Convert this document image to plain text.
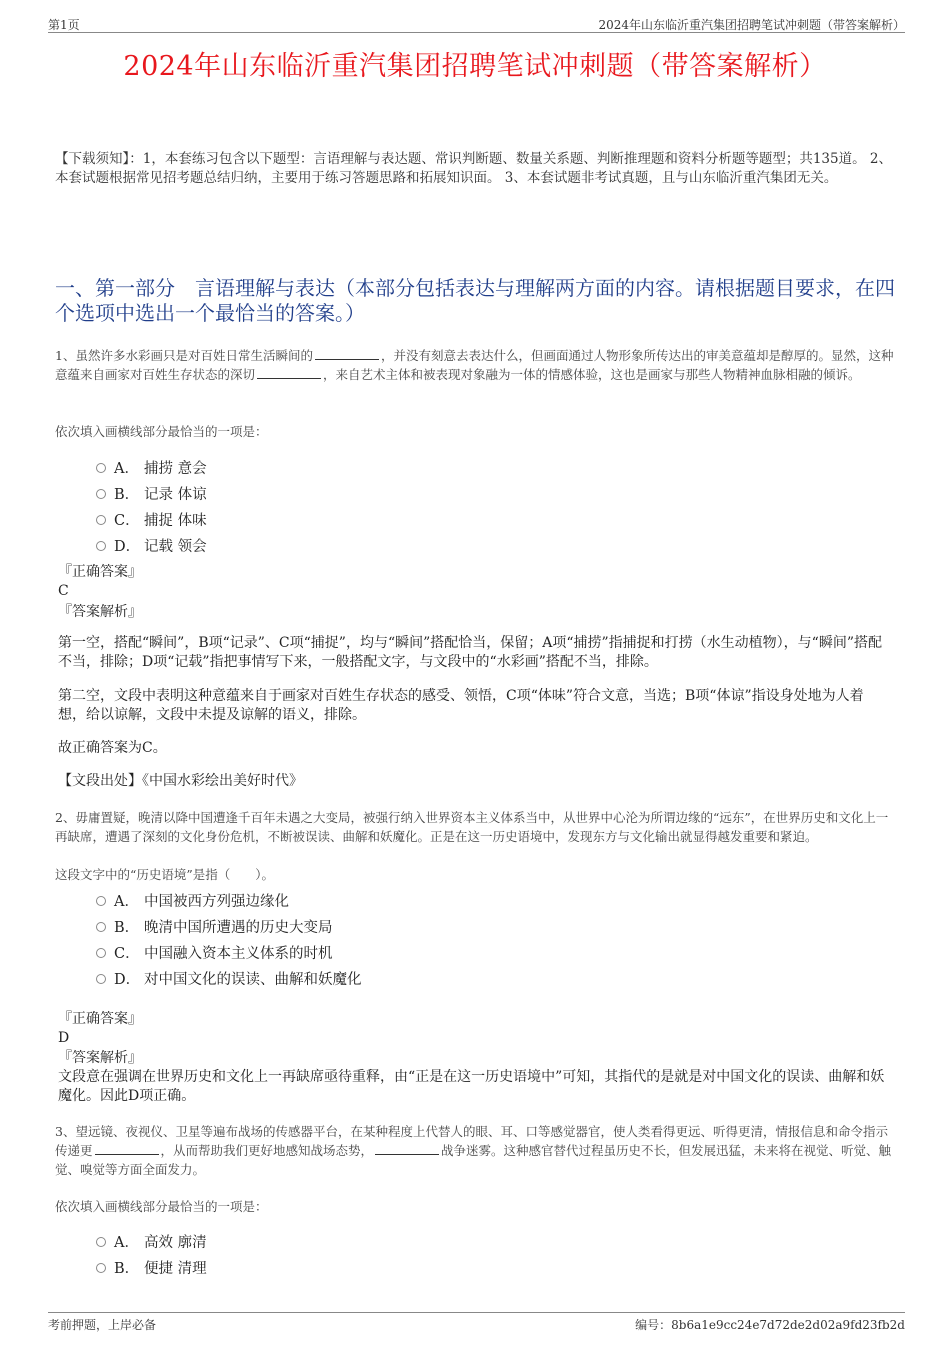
第1页	2024年山东临沂重汽集团招聘笔试冲刺题（带答案解析）
2024年山东临沂重汽集团招聘笔试冲刺题（带答案解析）
【下载须知】：1，本套练习包含以下题型：言语理解与表达题、常识判断题、数量关系题、判断推理题和资料分析题等题型；共135道。 2、本套试题根据常见招考题总结归纳，主要用于练习答题思路和拓展知识面。 3、本套试题非考试真题，且与山东临沂重汽集团无关。
一、第一部分　言语理解与表达（本部分包括表达与理解两方面的内容。请根据题目要求，在四个选项中选出一个最恰当的答案。）
1、虽然许多水彩画只是对百姓日常生活瞬间的	，并没有刻意去表达什么，但画面通过人物形象所传达出的审美意蕴却是醇厚的。显然，这种意蕴来自画家对百姓生存状态的深切	，来自艺术主体和被表现对象融为一体的情感体验，这也是画家与那些人物精神血脉相融的倾诉。
依次填入画横线部分最恰当的一项是：
A． 捕捞 意会
B． 记录 体谅
C． 捕捉 体味
D． 记载 领会
『正确答案』
C
『答案解析』
第一空，搭配“瞬间”，B项“记录”、C项“捕捉”，均与“瞬间”搭配恰当，保留；A项“捕捞”指捕捉和打捞（水生动植物），与“瞬间”搭配不当，排除；D项“记载”指把事情写下来，一般搭配文字，与文段中的“水彩画”搭配不当，排除。
第二空，文段中表明这种意蕴来自于画家对百姓生存状态的感受、领悟，C项“体味”符合文意，当选；B项“体谅”指设身处地为人着想，给以谅解，文段中未提及谅解的语义，排除。
故正确答案为C。
【文段出处】《中国水彩绘出美好时代》
2、毋庸置疑，晚清以降中国遭逢千百年未遇之大变局，被强行纳入世界资本主义体系当中，从世界中心沦为所谓边缘的“远东”，在世界历史和文化上一再缺席，遭遇了深刻的文化身份危机，不断被误读、曲解和妖魔化。正是在这一历史语境中，发现东方与文化输出就显得越发重要和紧迫。
这段文字中的“历史语境”是指（　　）。
A． 中国被西方列强边缘化
B． 晚清中国所遭遇的历史大变局
C． 中国融入资本主义体系的时机
D． 对中国文化的误读、曲解和妖魔化
『正确答案』
D
『答案解析』
文段意在强调在世界历史和文化上一再缺席亟待重释，由“正是在这一历史语境中”可知，其指代的是就是对中国文化的误读、曲解和妖魔化。因此D项正确。
3、望远镜、夜视仪、卫星等遍布战场的传感器平台，在某种程度上代替人的眼、耳、口等感觉器官，使人类看得更远、听得更清，情报信息和命令指示传递更	，从而帮助我们更好地感知战场态势，	战争迷雾。这种感官替代过程虽历史不长，但发展迅猛，未来将在视觉、听觉、触觉、嗅觉等方面全面发力。
依次填入画横线部分最恰当的一项是：
A． 高效 廓清
B． 便捷 清理
考前押题，上岸必备	编号：8b6a1e9cc24e7d72de2d02a9fd23fb2d
